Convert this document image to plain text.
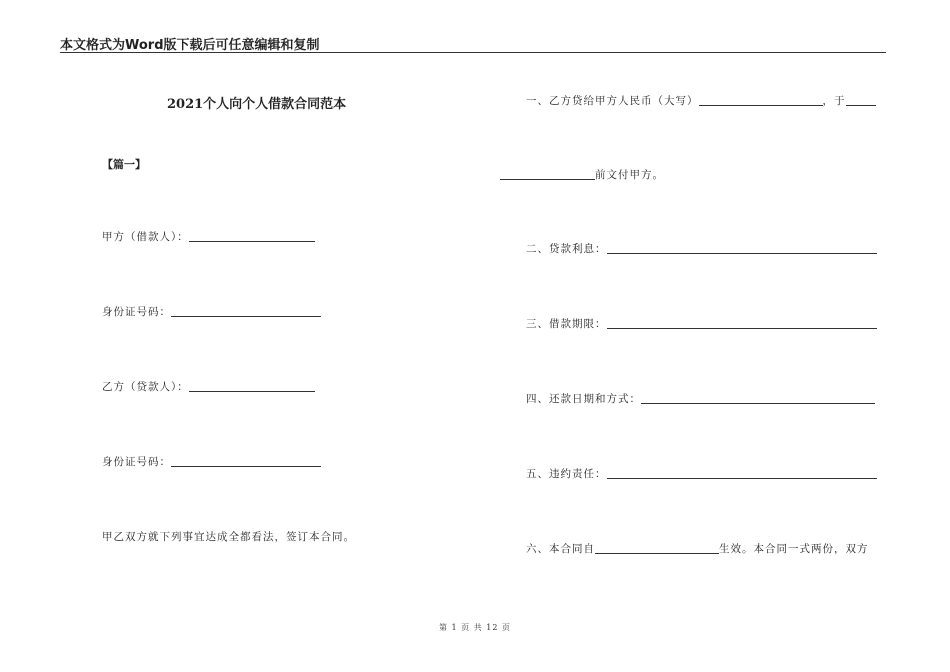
本文格式为Word版下载后可任意编辑和复制
2021个人向个人借款合同范本
【篇一】
甲方（借款人）：
身份证号码：
乙方（贷款人）：
身份证号码：
甲乙双方就下列事宜达成全都看法，签订本合同。
一、乙方贷给甲方人民币（大写）	，于
前文付甲方。
二、贷款利息：
三、借款期限：
四、还款日期和方式：
五、违约责任：
六、本合同自	生效。本合同一式两份，双方
第 1 页 共 12 页
